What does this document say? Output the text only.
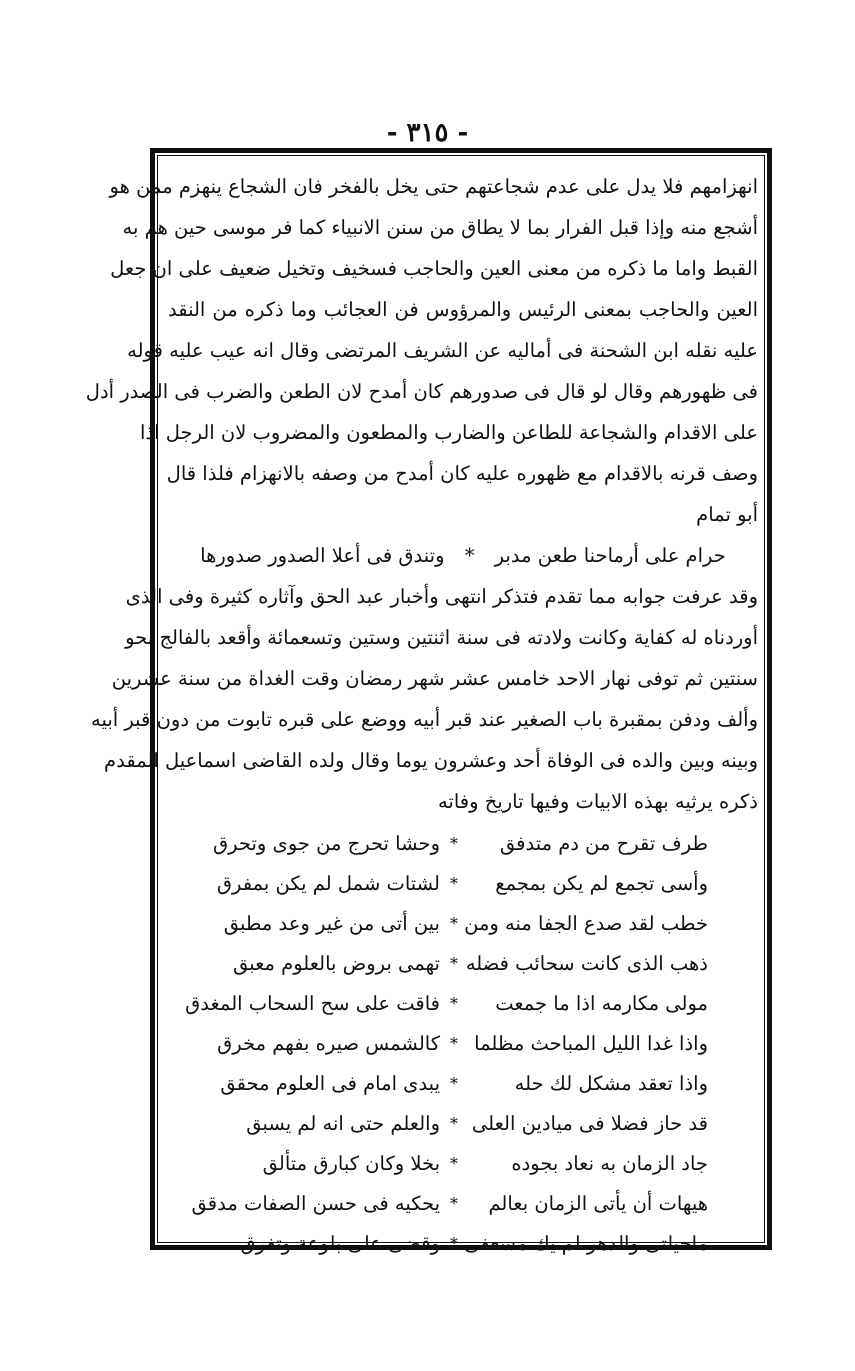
- ٣١٥ -
انهزامهم فلا يدل على عدم شجاعتهم حتى يخل بالفخر فان الشجاع ينهزم ممن هو
أشجع منه وإذا قبل الفرار بما لا يطاق من سنن الانبياء كما فر موسى حين هم به
القبط واما ما ذكره من معنى العين والحاجب فسخيف وتخيل ضعيف على ان جعل
العين والحاجب بمعنى الرئيس والمرؤوس فن العجائب وما ذكره من النقد
عليه نقله ابن الشحنة فى أماليه عن الشريف المرتضى وقال انه عيب عليه قوله
فى ظهورهم وقال لو قال فى صدورهم كان أمدح لان الطعن والضرب فى الصدر أدل
على الاقدام والشجاعة للطاعن والضارب والمطعون والمضروب لان الرجل اذا
وصف قرنه بالاقدام مع ظهوره عليه كان أمدح من وصفه بالانهزام فلذا قال
أبو تمام
حرام على أرماحنا طعن مدبر * وتندق فى أعلا الصدور صدورها
وقد عرفت جوابه مما تقدم فتذكر انتهى وأخبار عبد الحق وآثاره كثيرة وفى الذى
أوردناه له كفاية وكانت ولادته فى سنة اثنتين وستين وتسعمائة وأقعد بالفالج نحو
سنتين ثم توفى نهار الاحد خامس عشر شهر رمضان وقت الغداة من سنة عشرين
وألف ودفن بمقبرة باب الصغير عند قبر أبيه ووضع على قبره تابوت من دون قبر أبيه
وبينه وبين والده فى الوفاة أحد وعشرون يوما وقال ولده القاضى اسماعيل المقدم
ذكره يرثيه بهذه الابيات وفيها تاريخ وفاته
طرف تقرح من دم متدفق
*
وحشا تحرج من جوى وتحرق
وأسى تجمع لم يكن بمجمع
*
لشتات شمل لم يكن بمفرق
خطب لقد صدع الجفا منه ومن
*
بين أتى من غير وعد مطبق
ذهب الذى كانت سحائب فضله
*
تهمى بروض بالعلوم معبق
مولى مكارمه اذا ما جمعت
*
فاقت على سح السحاب المغدق
واذا غدا الليل المباحث مظلما
*
كالشمس صيره بفهم مخرق
واذا تعقد مشكل لك حله
*
يبدى امام فى العلوم محقق
قد حاز فضلا فى ميادين العلى
*
والعلم حتى انه لم يسبق
جاد الزمان به نعاد بجوده
*
بخلا وكان كبارق متألق
هيهات أن يأتى الزمان بعالم
*
يحكيه فى حسن الصفات مدقق
ماحيلتى والدهر لم يك مسعفى
*
وقضى على بلوعة وتفرق
